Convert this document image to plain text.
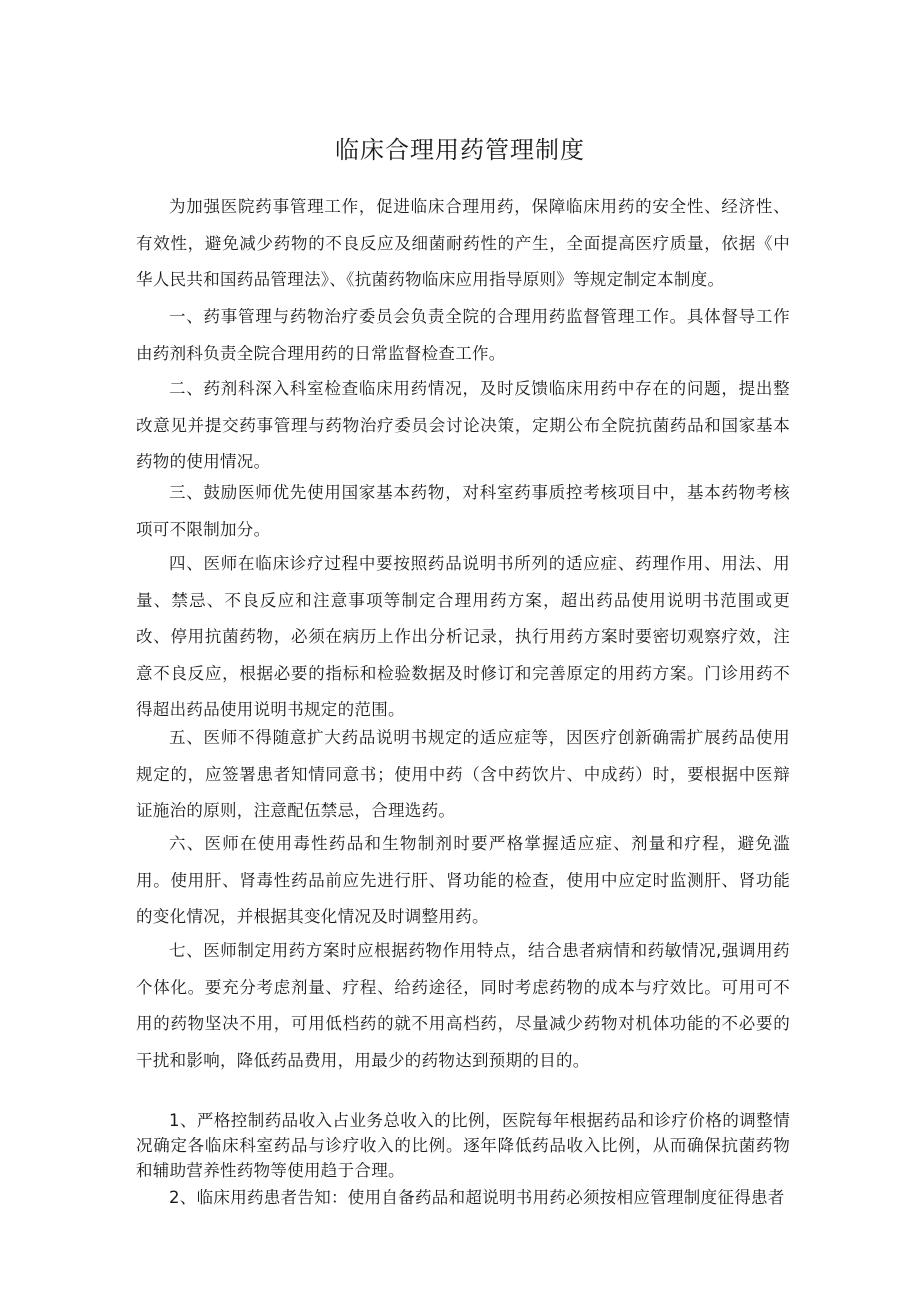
临床合理用药管理制度

为加强医院药事管理工作，促进临床合理用药，保障临床用药的安全性、经济性、有效性，避免减少药物的不良反应及细菌耐药性的产生，全面提高医疗质量，依据《中华人民共和国药品管理法》、《抗菌药物临床应用指导原则》等规定制定本制度。

一、药事管理与药物治疗委员会负责全院的合理用药监督管理工作。具体督导工作由药剂科负责全院合理用药的日常监督检查工作。

二、药剂科深入科室检查临床用药情况，及时反馈临床用药中存在的问题，提出整改意见并提交药事管理与药物治疗委员会讨论决策，定期公布全院抗菌药品和国家基本药物的使用情况。

三、鼓励医师优先使用国家基本药物，对科室药事质控考核项目中，基本药物考核项可不限制加分。

四、医师在临床诊疗过程中要按照药品说明书所列的适应症、药理作用、用法、用量、禁忌、不良反应和注意事项等制定合理用药方案，超出药品使用说明书范围或更改、停用抗菌药物，必须在病历上作出分析记录，执行用药方案时要密切观察疗效，注意不良反应，根据必要的指标和检验数据及时修订和完善原定的用药方案。门诊用药不得超出药品使用说明书规定的范围。

五、医师不得随意扩大药品说明书规定的适应症等，因医疗创新确需扩展药品使用规定的，应签署患者知情同意书；使用中药（含中药饮片、中成药）时，要根据中医辩证施治的原则，注意配伍禁忌，合理选药。

六、医师在使用毒性药品和生物制剂时要严格掌握适应症、剂量和疗程，避免滥用。使用肝、肾毒性药品前应先进行肝、肾功能的检查，使用中应定时监测肝、肾功能的变化情况，并根据其变化情况及时调整用药。

七、医师制定用药方案时应根据药物作用特点，结合患者病情和药敏情况,强调用药个体化。要充分考虑剂量、疗程、给药途径，同时考虑药物的成本与疗效比。可用可不用的药物坚决不用，可用低档药的就不用高档药，尽量减少药物对机体功能的不必要的干扰和影响，降低药品费用，用最少的药物达到预期的目的。

1、严格控制药品收入占业务总收入的比例，医院每年根据药品和诊疗价格的调整情况确定各临床科室药品与诊疗收入的比例。逐年降低药品收入比例，从而确保抗菌药物和辅助营养性药物等使用趋于合理。

2、临床用药患者告知：使用自备药品和超说明书用药必须按相应管理制度征得患者
